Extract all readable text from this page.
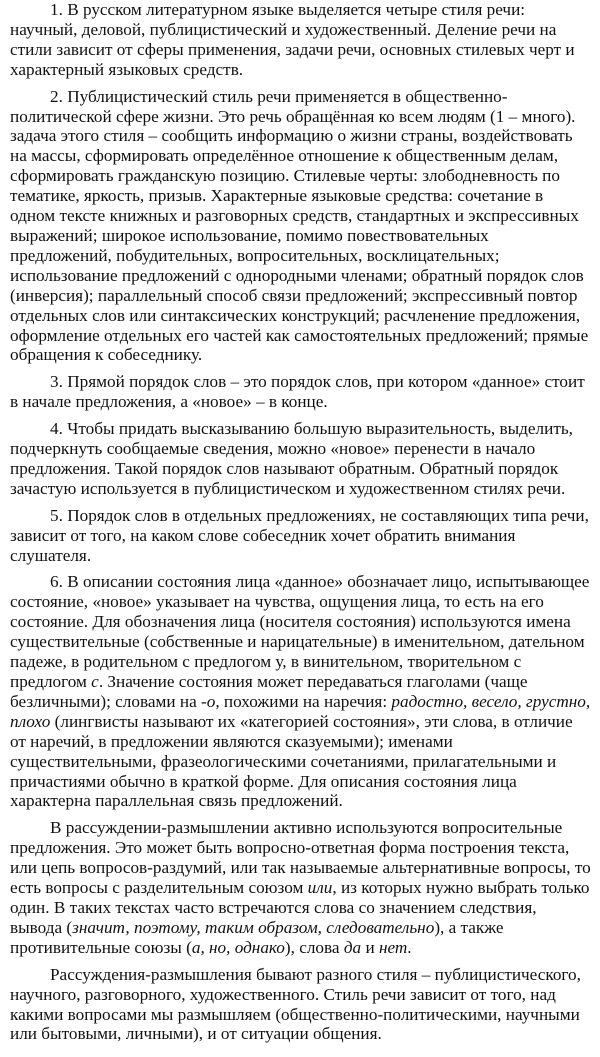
1. В русском литературном языке выделяется четыре стиля речи: научный, деловой, публицистический и художественный. Деление речи на стили зависит от сферы применения, задачи речи, основных стилевых черт и характерный языковых средств.

2. Публицистический стиль речи применяется в общественно-политической сфере жизни. Это речь обращённая ко всем людям (1 – много). задача этого стиля – сообщить информацию о жизни страны, воздействовать на массы, сформировать определённое отношение к общественным делам, сформировать гражданскую позицию. Стилевые черты: злободневность по тематике, яркость, призыв. Характерные языковые средства: сочетание в одном тексте книжных и разговорных средств, стандартных и экспрессивных выражений; широкое использование, помимо повествовательных предложений, побудительных, вопросительных, восклицательных; использование предложений с однородными членами; обратный порядок слов (инверсия); параллельный способ связи предложений; экспрессивный повтор отдельных слов или синтаксических конструкций; расчленение предложения, оформление отдельных его частей как самостоятельных предложений; прямые обращения к собеседнику.

3. Прямой порядок слов – это порядок слов, при котором «данное» стоит в начале предложения, а «новое» – в конце.

4. Чтобы придать высказыванию большую выразительность, выделить, подчеркнуть сообщаемые сведения, можно «новое» перенести в начало предложения. Такой порядок слов называют обратным. Обратный порядок зачастую используется в публицистическом и художественном стилях речи.

5. Порядок слов в отдельных предложениях, не составляющих типа речи, зависит от того, на каком слове собеседник хочет обратить внимания слушателя.

6. В описании состояния лица «данное» обозначает лицо, испытывающее состояние, «новое» указывает на чувства, ощущения лица, то есть на его состояние. Для обозначения лица (носителя состояния) используются имена существительные (собственные и нарицательные) в именительном, дательном падеже, в родительном с предлогом у, в винительном, творительном с предлогом с. Значение состояния может передаваться глаголами (чаще безличными); словами на -о, похожими на наречия: радостно, весело, грустно, плохо (лингвисты называют их «категорией состояния», эти слова, в отличие от наречий, в предложении являются сказуемыми); именами существительными, фразеологическими сочетаниями, прилагательными и причастиями обычно в краткой форме. Для описания состояния лица характерна параллельная связь предложений.

В рассуждении-размышлении активно используются вопросительные предложения. Это может быть вопросно-ответная форма построения текста, или цепь вопросов-раздумий, или так называемые альтернативные вопросы, то есть вопросы с разделительным союзом или, из которых нужно выбрать только один. В таких текстах часто встречаются слова со значением следствия, вывода (значит, поэтому, таким образом, следовательно), а также противительные союзы (а, но, однако), слова да и нет.

Рассуждения-размышления бывают разного стиля – публицистического, научного, разговорного, художественного. Стиль речи зависит от того, над какими вопросами мы размышляем (общественно-политическими, научными или бытовыми, личными), и от ситуации общения.
